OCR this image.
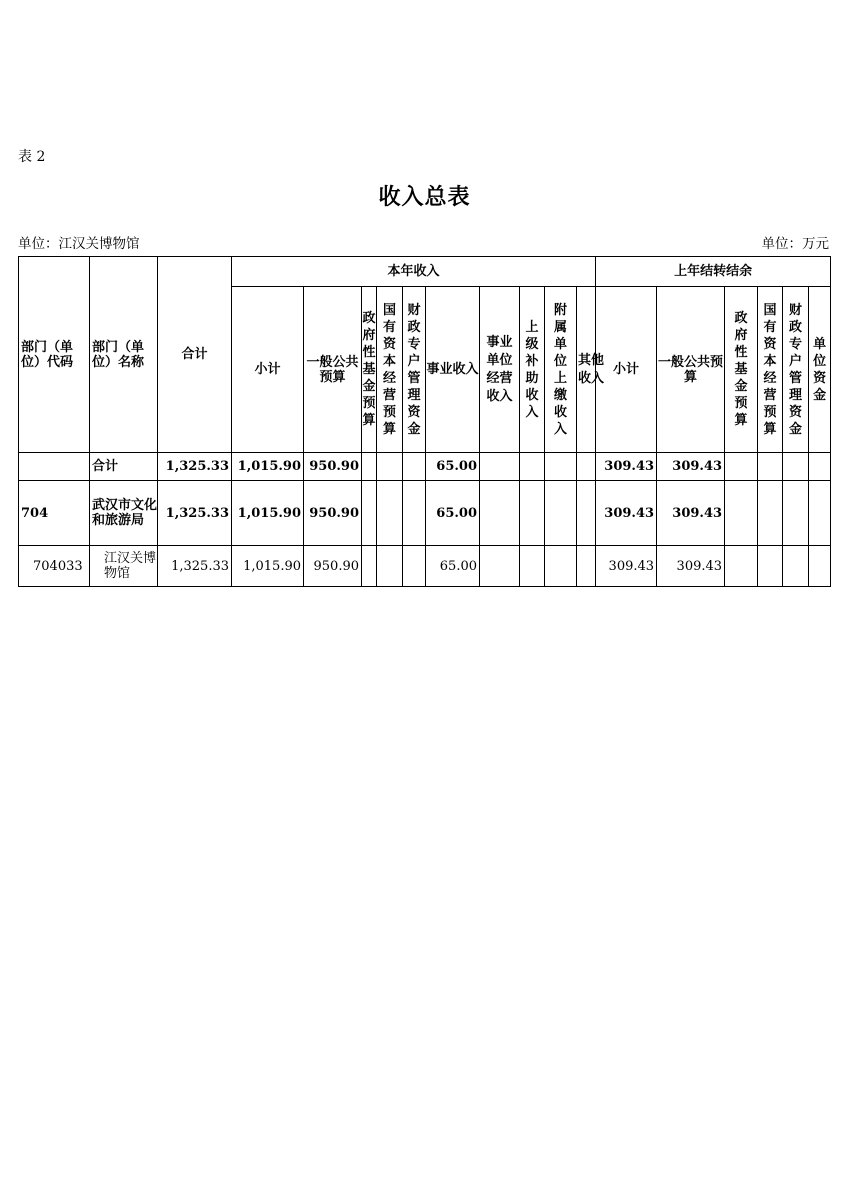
表 2
收入总表
单位：江汉关博物馆	单位：万元
部门（单位）代码	部门（单位）名称	合计	本年收入										上年结转结余					
			小计	一般公共预算	政府性基金预算	国有资本经营预算	财政专户管理资金	事业收入	事业单位经营收入	上级补助收入	附属单位上缴收入	其他收入	小计	一般公共预算	政府性基金预算	国有资本经营预算	财政专户管理资金	单位资金
	合计	1,325.33	1,015.90	950.90				65.00					309.43	309.43				
704	武汉市文化和旅游局	1,325.33	1,015.90	950.90				65.00					309.43	309.43				
704033	江汉关博物馆	1,325.33	1,015.90	950.90				65.00					309.43	309.43				
